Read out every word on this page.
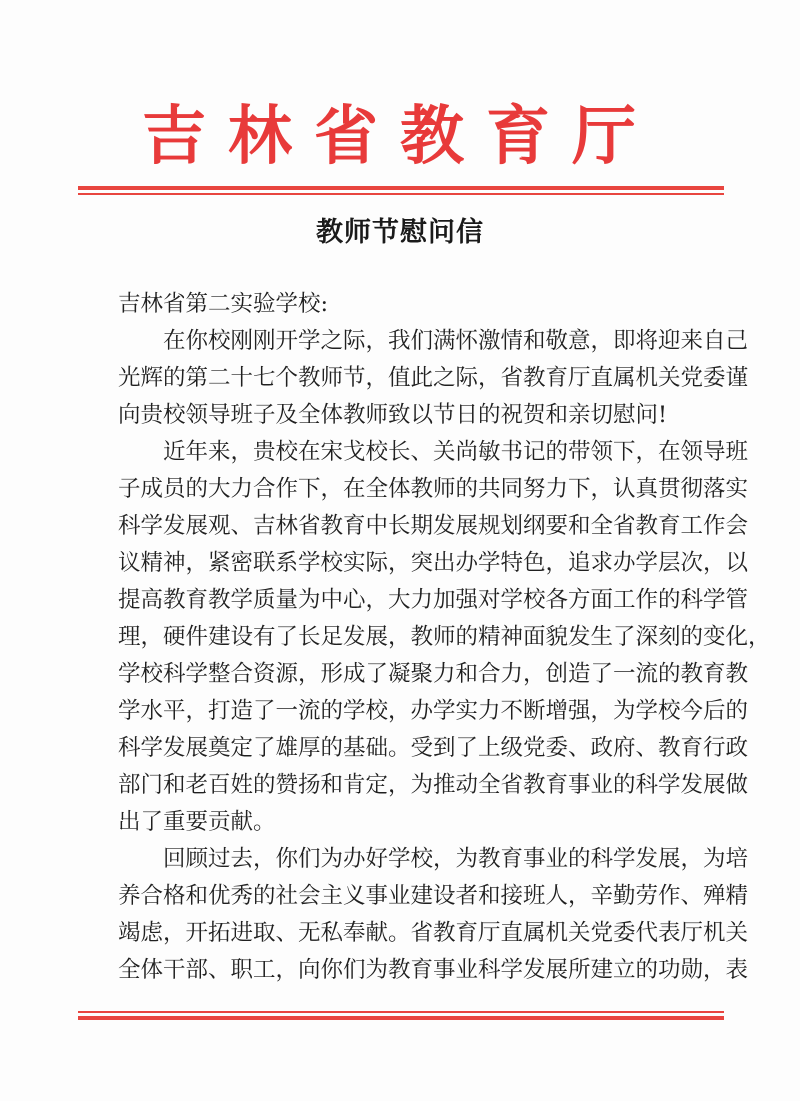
吉林省教育厅
教师节慰问信
吉林省第二实验学校:
在你校刚刚开学之际，我们满怀激情和敬意，即将迎来自己
光辉的第二十七个教师节，值此之际，省教育厅直属机关党委谨
向贵校领导班子及全体教师致以节日的祝贺和亲切慰问!
近年来，贵校在宋戈校长、关尚敏书记的带领下，在领导班
子成员的大力合作下，在全体教师的共同努力下，认真贯彻落实
科学发展观、吉林省教育中长期发展规划纲要和全省教育工作会
议精神，紧密联系学校实际，突出办学特色，追求办学层次，以
提高教育教学质量为中心，大力加强对学校各方面工作的科学管
理，硬件建设有了长足发展，教师的精神面貌发生了深刻的变化，
学校科学整合资源，形成了凝聚力和合力，创造了一流的教育教
学水平，打造了一流的学校，办学实力不断增强，为学校今后的
科学发展奠定了雄厚的基础。受到了上级党委、政府、教育行政
部门和老百姓的赞扬和肯定，为推动全省教育事业的科学发展做
出了重要贡献。
回顾过去，你们为办好学校，为教育事业的科学发展，为培
养合格和优秀的社会主义事业建设者和接班人，辛勤劳作、殚精
竭虑，开拓进取、无私奉献。省教育厅直属机关党委代表厅机关
全体干部、职工，向你们为教育事业科学发展所建立的功勋，表
